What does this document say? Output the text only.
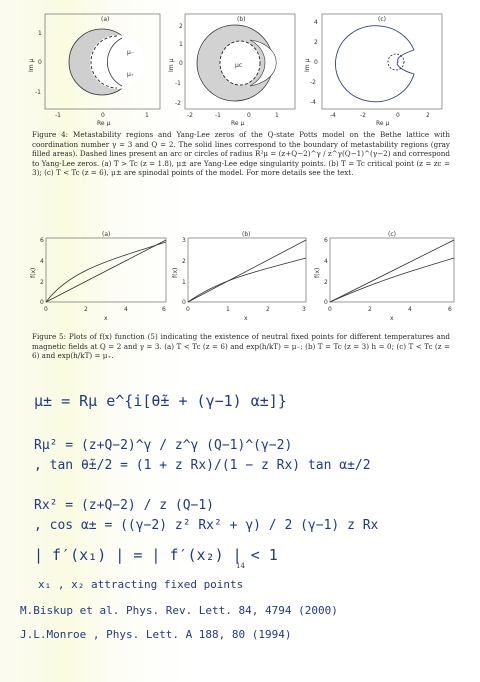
(a)
μ₋
μ₊
1
0
-1
-1	0	1
Re μ
Im μ
(b)
μc
2
1
0
-1
-2
-2	-1	0	1
Re μ
Im μ
(c)
4
2
0
-2
-4
-4	-2	0	2
Re μ
Im μ
Figure 4: Metastability regions and Yang-Lee zeros of the Q-state Potts model on the Bethe lattice with coordination number γ = 3 and Q = 2. The solid lines correspond to the boundary of metastability regions (gray filled areas). Dashed lines present an arc or circles of radius R²μ = (z+Q−2)^γ / z^γ(Q−1)^(γ−2) and correspond to Yang-Lee zeros. (a) T > Tc (z = 1.8), μ± are Yang-Lee edge singularity points. (b) T = Tc critical point (z = zc = 3); (c) T < Tc (z = 6), μ± are spinodal points of the model. For more details see the text.
(a)
6
4
2
0
0	2	4	6
x
f(x)
(b)
3
2
1
0
0	1	2	3
x
f(x)
(c)
6
4
2
0
0	2	4	6
x
f(x)
Figure 5: Plots of f(x) function (5) indicating the existence of neutral fixed points for different temperatures and magnetic fields at Q = 2 and γ = 3. (a) T < Tc (z = 6) and exp(h/kT) = μ₋; (b) T = Tc (z = 3) h = 0; (c) T < Tc (z = 6) and exp(h/kT) = μ₊.
μ± = Rμ e^{i[θ̃± + (γ−1) α±]}
Rμ² = (z+Q−2)^γ / z^γ (Q−1)^(γ−2)
, tan θ̃±/2 = (1 + z Rx)/(1 − z Rx) tan α±/2
Rx² = (z+Q−2) / z (Q−1)
, cos α± = ((γ−2) z² Rx² + γ) / 2 (γ−1) z Rx
| f′(x₁) | = | f′(x₂) | < 1
14
x₁ , x₂ attracting fixed points
M.Biskup et al. Phys. Rev. Lett. 84, 4794 (2000)
J.L.Monroe , Phys. Lett. A 188, 80 (1994)
